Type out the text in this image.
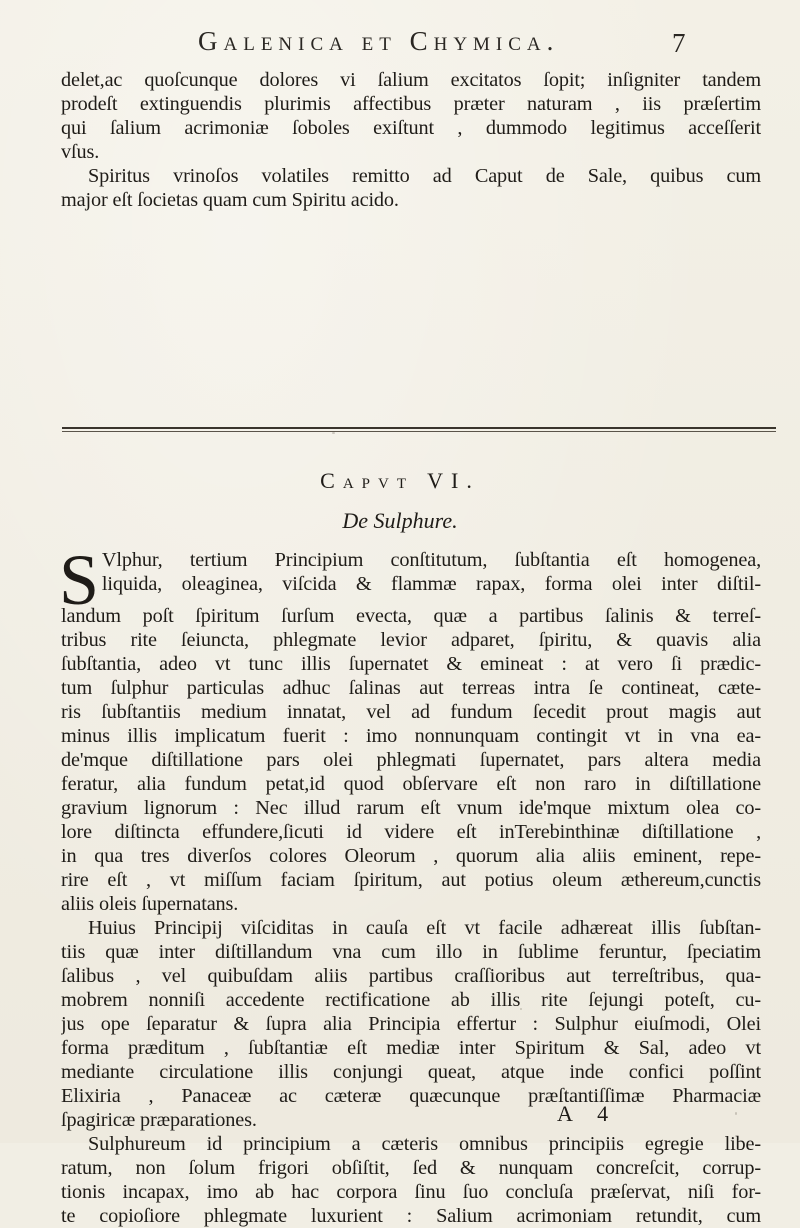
Galenica et Chymica.	7
delet,ac quoſcunque dolores vi ſalium excitatos ſopit; inſigniter tandem
prodeſt extinguendis plurimis affectibus præter naturam , iis præſertim
qui ſalium acrimoniæ ſoboles exiſtunt , dummodo legitimus acceſſerit
vſus.
Spiritus vrinoſos volatiles remitto ad Caput de Sale, quibus cum
major eſt ſocietas quam cum Spiritu acido.
Capvt VI.
De Sulphure.
S Vlphur, tertium Principium conſtitutum, ſubſtantia eſt homogenea,
liquida, oleaginea, viſcida & flammæ rapax, forma olei inter diſtil-
landum poſt ſpiritum ſurſum evecta, quæ a partibus ſalinis & terreſ-
tribus rite ſeiuncta, phlegmate levior adparet, ſpiritu, & quavis alia
ſubſtantia, adeo vt tunc illis ſupernatet & emineat : at vero ſi prædic-
tum ſulphur particulas adhuc ſalinas aut terreas intra ſe contineat, cæte-
ris ſubſtantiis medium innatat, vel ad fundum ſecedit prout magis aut
minus illis implicatum fuerit : imo nonnunquam contingit vt in vna ea-
de'mque diſtillatione pars olei phlegmati ſupernatet, pars altera media
feratur, alia fundum petat,id quod obſervare eſt non raro in diſtillatione
gravium lignorum : Nec illud rarum eſt vnum ide'mque mixtum olea co-
lore diſtincta effundere,ſicuti id videre eſt inTerebinthinæ diſtillatione ,
in qua tres diverſos colores Oleorum , quorum alia aliis eminent, repe-
rire eſt , vt miſſum faciam ſpiritum, aut potius oleum æthereum,cunctis
aliis oleis ſupernatans.
Huius Principij viſciditas in cauſa eſt vt facile adhæreat illis ſubſtan-
tiis quæ inter diſtillandum vna cum illo in ſublime feruntur, ſpeciatim
ſalibus , vel quibuſdam aliis partibus craſſioribus aut terreſtribus, qua-
mobrem nonniſi accedente rectificatione ab illis rite ſejungi poteſt, cu-
jus ope ſeparatur & ſupra alia Principia effertur : Sulphur eiuſmodi, Olei
forma præditum , ſubſtantiæ eſt mediæ inter Spiritum & Sal, adeo vt
mediante circulatione illis conjungi queat, atque inde confici poſſint
Elixiria , Panaceæ ac cæteræ quæcunque præſtantiſſimæ Pharmaciæ
ſpagiricæ præparationes.
Sulphureum id principium a cæteris omnibus principiis egregie libe-
ratum, non ſolum frigori obſiſtit, ſed & nunquam concreſcit, corrup-
tionis incapax, imo ab hac corpora ſinu ſuo concluſa præſervat, niſi for-
te copioſiore phlegmate luxurient : Salium acrimoniam retundit, cum
A 4
